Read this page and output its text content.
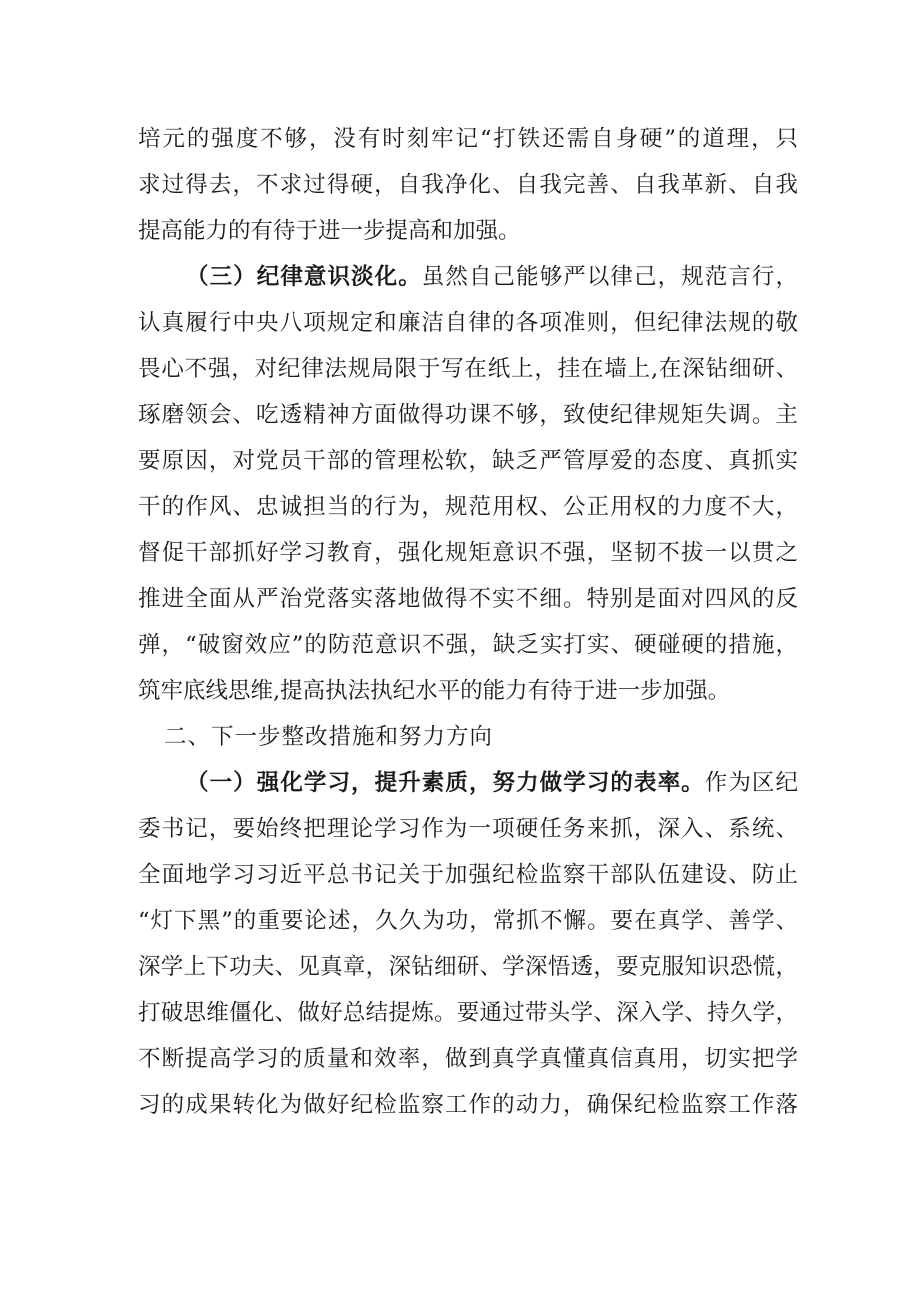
培元的强度不够，没有时刻牢记“打铁还需自身硬”的道理，只
求过得去，不求过得硬，自我净化、自我完善、自我革新、自我
提高能力的有待于进一步提高和加强。
（三）纪律意识淡化。虽然自己能够严以律己，规范言行，
认真履行中央八项规定和廉洁自律的各项准则，但纪律法规的敬
畏心不强，对纪律法规局限于写在纸上，挂在墙上,在深钻细研、
琢磨领会、吃透精神方面做得功课不够，致使纪律规矩失调。主
要原因，对党员干部的管理松软，缺乏严管厚爱的态度、真抓实
干的作风、忠诚担当的行为，规范用权、公正用权的力度不大，
督促干部抓好学习教育，强化规矩意识不强，坚韧不拔一以贯之
推进全面从严治党落实落地做得不实不细。特别是面对四风的反
弹，“破窗效应”的防范意识不强，缺乏实打实、硬碰硬的措施，
筑牢底线思维,提高执法执纪水平的能力有待于进一步加强。
二、下一步整改措施和努力方向
（一）强化学习，提升素质，努力做学习的表率。作为区纪
委书记，要始终把理论学习作为一项硬任务来抓，深入、系统、
全面地学习习近平总书记关于加强纪检监察干部队伍建设、防止
“灯下黑”的重要论述，久久为功，常抓不懈。要在真学、善学、
深学上下功夫、见真章，深钻细研、学深悟透，要克服知识恐慌，
打破思维僵化、做好总结提炼。要通过带头学、深入学、持久学，
不断提高学习的质量和效率，做到真学真懂真信真用，切实把学
习的成果转化为做好纪检监察工作的动力，确保纪检监察工作落
